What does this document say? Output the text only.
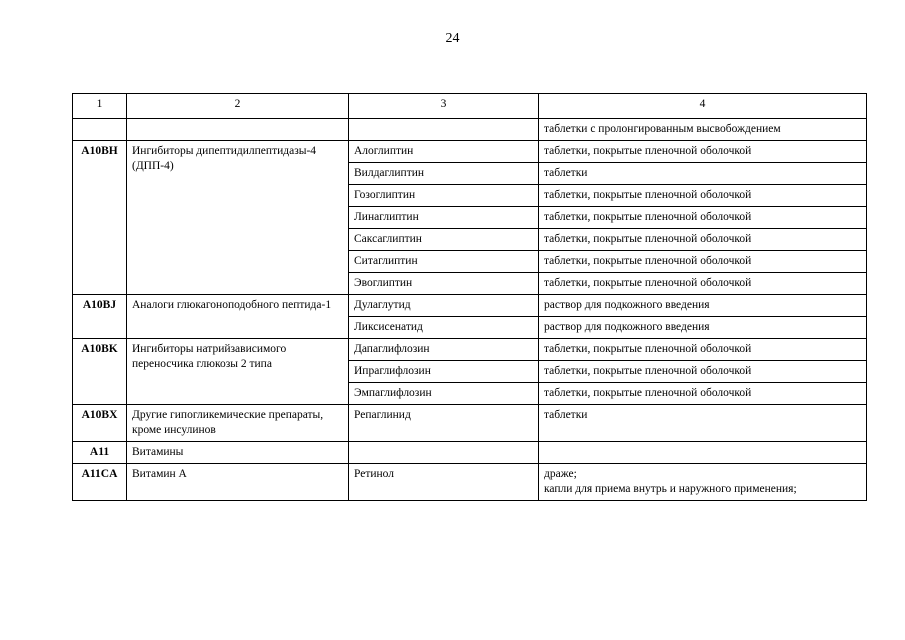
24
1	2	3	4
			таблетки с пролонгированным высвобождением
A10BH	Ингибиторы дипептидилпептидазы-4 (ДПП-4)	Алоглиптин	таблетки, покрытые пленочной оболочкой
		Вилдаглиптин	таблетки
		Гозоглиптин	таблетки, покрытые пленочной оболочкой
		Линаглиптин	таблетки, покрытые пленочной оболочкой
		Саксаглиптин	таблетки, покрытые пленочной оболочкой
		Ситаглиптин	таблетки, покрытые пленочной оболочкой
		Эвоглиптин	таблетки, покрытые пленочной оболочкой
A10BJ	Аналоги глюкагоноподобного пептида-1	Дулаглутид	раствор для подкожного введения
		Ликсисенатид	раствор для подкожного введения
A10BK	Ингибиторы натрийзависимого переносчика глюкозы 2 типа	Дапаглифлозин	таблетки, покрытые пленочной оболочкой
		Ипраглифлозин	таблетки, покрытые пленочной оболочкой
		Эмпаглифлозин	таблетки, покрытые пленочной оболочкой
A10BX	Другие гипогликемические препараты, кроме инсулинов	Репаглинид	таблетки
A11	Витамины		
A11CA	Витамин А	Ретинол	драже;
капли для приема внутрь и наружного применения;
